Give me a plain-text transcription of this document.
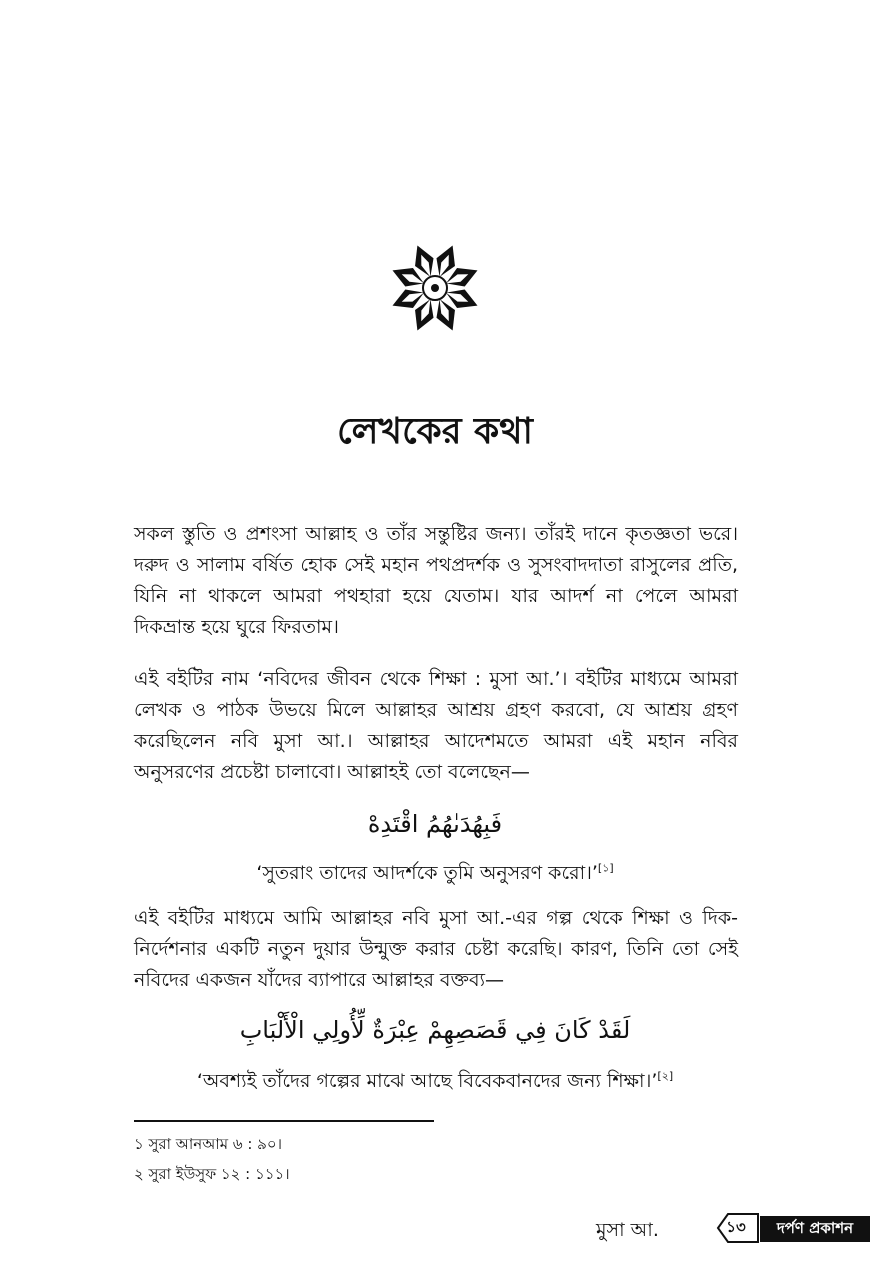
লেখকের কথা

সকল স্তুতি ও প্রশংসা আল্লাহ ও তাঁর সন্তুষ্টির জন্য। তাঁরই দানে কৃতজ্ঞতা ভরে। দরুদ ও সালাম বর্ষিত হোক সেই মহান পথপ্রদর্শক ও সুসংবাদদাতা রাসুলের প্রতি, যিনি না থাকলে আমরা পথহারা হয়ে যেতাম। যার আদর্শ না পেলে আমরা দিকভ্রান্ত হয়ে ঘুরে ফিরতাম।

এই বইটির নাম ‘নবিদের জীবন থেকে শিক্ষা : মুসা আ.’। বইটির মাধ্যমে আমরা লেখক ও পাঠক উভয়ে মিলে আল্লাহর আশ্রয় গ্রহণ করবো, যে আশ্রয় গ্রহণ করেছিলেন নবি মুসা আ.। আল্লাহর আদেশমতে আমরা এই মহান নবির অনুসরণের প্রচেষ্টা চালাবো। আল্লাহই তো বলেছেন—

فَبِهُدَىٰهُمُ اقْتَدِهْ

‘সুতরাং তাদের আদর্শকে তুমি অনুসরণ করো।’[১]

এই বইটির মাধ্যমে আমি আল্লাহর নবি মুসা আ.-এর গল্প থেকে শিক্ষা ও দিক-নির্দেশনার একটি নতুন দুয়ার উন্মুক্ত করার চেষ্টা করেছি। কারণ, তিনি তো সেই নবিদের একজন যাঁদের ব্যাপারে আল্লাহর বক্তব্য—

لَقَدْ كَانَ فِي قَصَصِهِمْ عِبْرَةٌ لِّأُولِي الْأَلْبَابِ

‘অবশ্যই তাঁদের গল্পের মাঝে আছে বিবেকবানদের জন্য শিক্ষা।’[২]

১ সুরা আনআম ৬ : ৯০।

২ সুরা ইউসুফ ১২ : ১১১।

মুসা আ.	১৩	দর্পণ প্রকাশন
